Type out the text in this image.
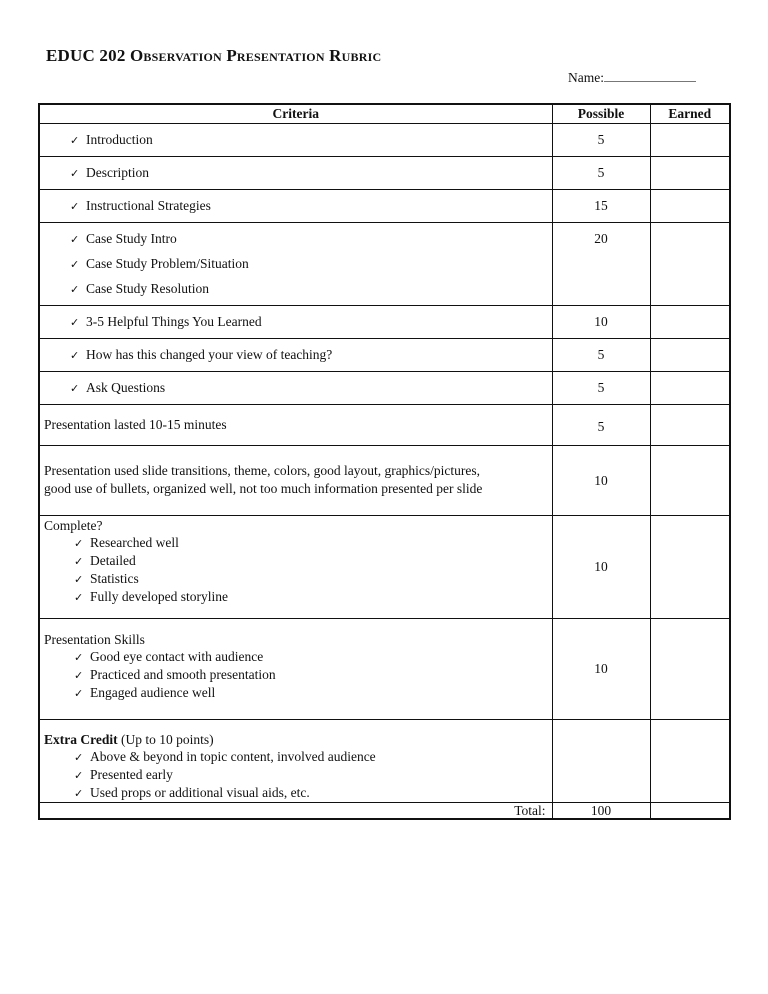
EDUC 202 Observation Presentation Rubric
Name:
Criteria	Possible	Earned

✓ Introduction	5	

✓ Description	5	

✓ Instructional Strategies	15	

✓ Case Study Intro
✓ Case Study Problem/Situation
✓ Case Study Resolution	20	

✓ 3-5 Helpful Things You Learned	10	

✓ How has this changed your view of teaching?	5	

✓ Ask Questions	5	
Presentation lasted 10-15 minutes	5	

Presentation used slide transitions, theme, colors, good layout, graphics/pictures,
good use of bullets, organized well, not too much information presented per slide	10	

Complete?
✓ Researched well
✓ Detailed
✓ Statistics
✓ Fully developed storyline	10	

Presentation Skills
✓ Good eye contact with audience
✓ Practiced and smooth presentation
✓ Engaged audience well	10	

Extra Credit (Up to 10 points)
✓ Above & beyond in topic content, involved audience
✓ Presented early
✓ Used props or additional visual aids, etc.

Total:	100	
